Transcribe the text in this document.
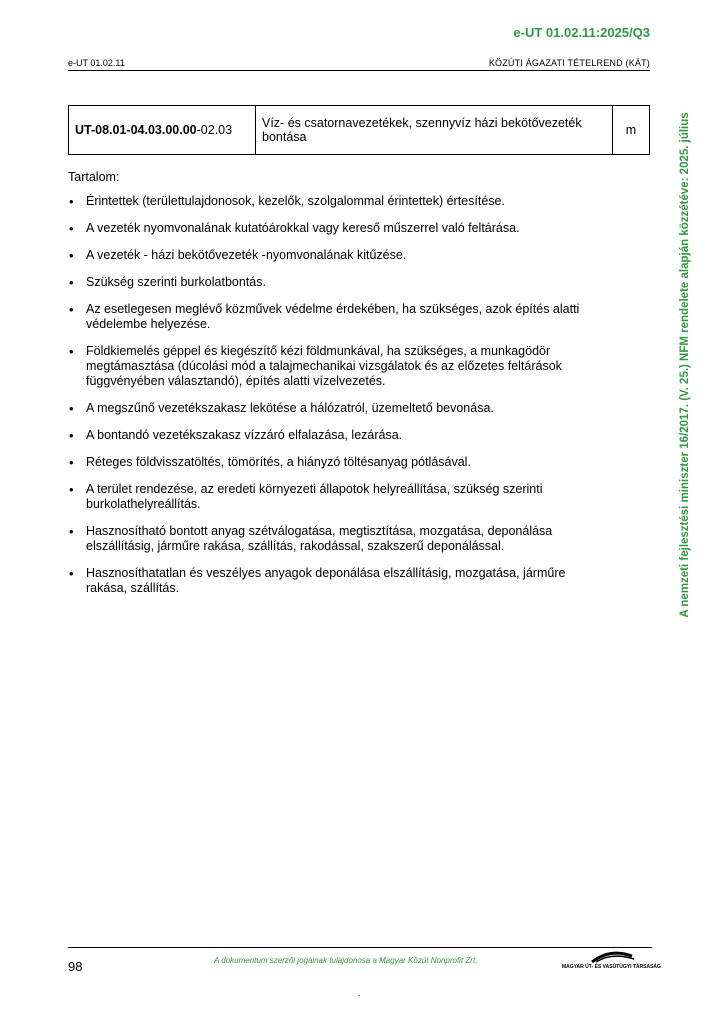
e-UT 01.02.11:2025/Q3
e-UT 01.02.11	KÖZÚTI ÁGAZATI TÉTELREND (KÁT)
UT-08.01-04.03.00.00-02.03	Víz- és csatornavezetékek, szennyvíz házi bekötővezeték bontása	m
Tartalom:
• Érintettek (területtulajdonosok, kezelők, szolgalommal érintettek) értesítése.
• A vezeték nyomvonalának kutatóárokkal vagy kereső műszerrel való feltárása.
• A vezeték - házi bekötővezeték -nyomvonalának kitűzése.
• Szükség szerinti burkolatbontás.
• Az esetlegesen meglévő közművek védelme érdekében, ha szükséges, azok építés alatti védelembe helyezése.
• Földkiemelés géppel és kiegészítő kézi földmunkával, ha szükséges, a munkagödör megtámasztása (dúcolási mód a talajmechanikai vizsgálatok és az előzetes feltárások függvényében választandó), építés alatti vízelvezetés.
• A megszűnő vezetékszakasz lekötése a hálózatról, üzemeltető bevonása.
• A bontandó vezetékszakasz vízzáró elfalazása, lezárása.
• Réteges földvisszatöltés, tömörítés, a hiányzó töltésanyag pótlásával.
• A terület rendezése, az eredeti környezeti állapotok helyreállítása, szükség szerinti burkolathelyreállítás.
• Hasznosítható bontott anyag szétválogatása, megtisztítása, mozgatása, deponálása elszállításig, járműre rakása, szállítás, rakodással, szakszerű deponálással.
• Hasznosíthatatlan és veszélyes anyagok deponálása elszállításig, mozgatása, járműre rakása, szállítás.	A nemzeti fejlesztési miniszter 16/2017. (V. 25.) NFM rendelete alapján közzétéve: 2025. július
98	A dokumentum szerzői jogainak tulajdonosa a Magyar Közút Nonprofit Zrt.
MAGYAR ÚT- ÉS VASÚTÜGYI TÁRSASÁG
